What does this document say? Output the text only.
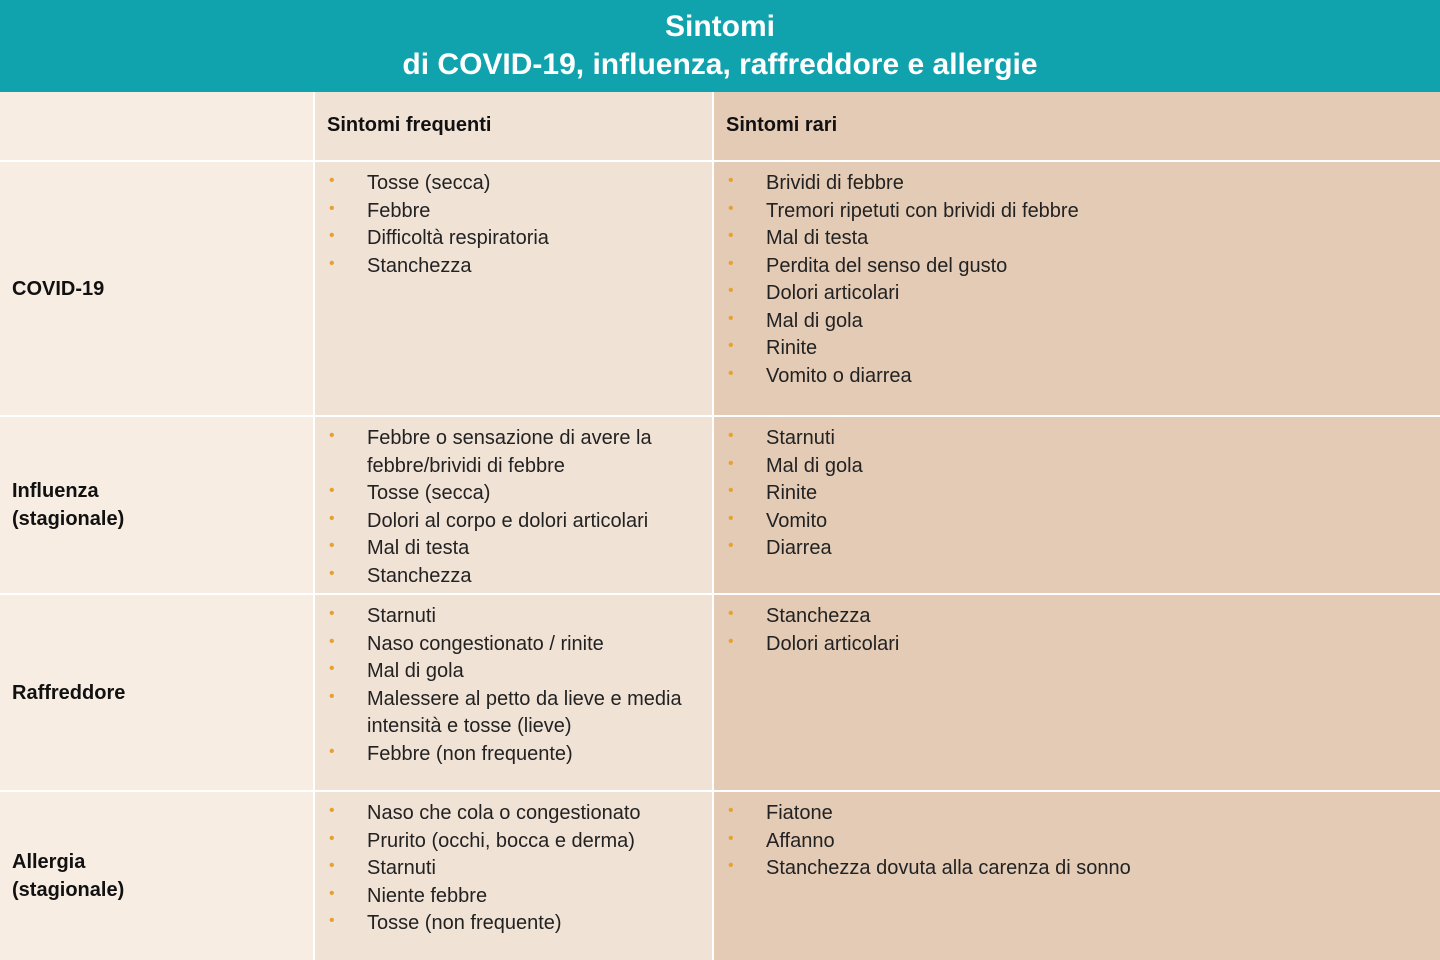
Sintomi
di COVID-19, influenza, raffreddore e allergie
Sintomi frequenti	Sintomi rari
COVID-19
• Tosse (secca)
• Febbre
• Difficoltà respiratoria
• Stanchezza
• Brividi di febbre
• Tremori ripetuti con brividi di febbre
• Mal di testa
• Perdita del senso del gusto
• Dolori articolari
• Mal di gola
• Rinite
• Vomito o diarrea
Influenza
(stagionale)
• Febbre o sensazione di avere la febbre/brividi di febbre
• Tosse (secca)
• Dolori al corpo e dolori articolari
• Mal di testa
• Stanchezza
• Starnuti
• Mal di gola
• Rinite
• Vomito
• Diarrea
Raffreddore
• Starnuti
• Naso congestionato / rinite
• Mal di gola
• Malessere al petto da lieve e media intensità e tosse (lieve)
• Febbre (non frequente)
• Stanchezza
• Dolori articolari
Allergia
(stagionale)
• Naso che cola o congestionato
• Prurito (occhi, bocca e derma)
• Starnuti
• Niente febbre
• Tosse (non frequente)
• Fiatone
• Affanno
• Stanchezza dovuta alla carenza di sonno
